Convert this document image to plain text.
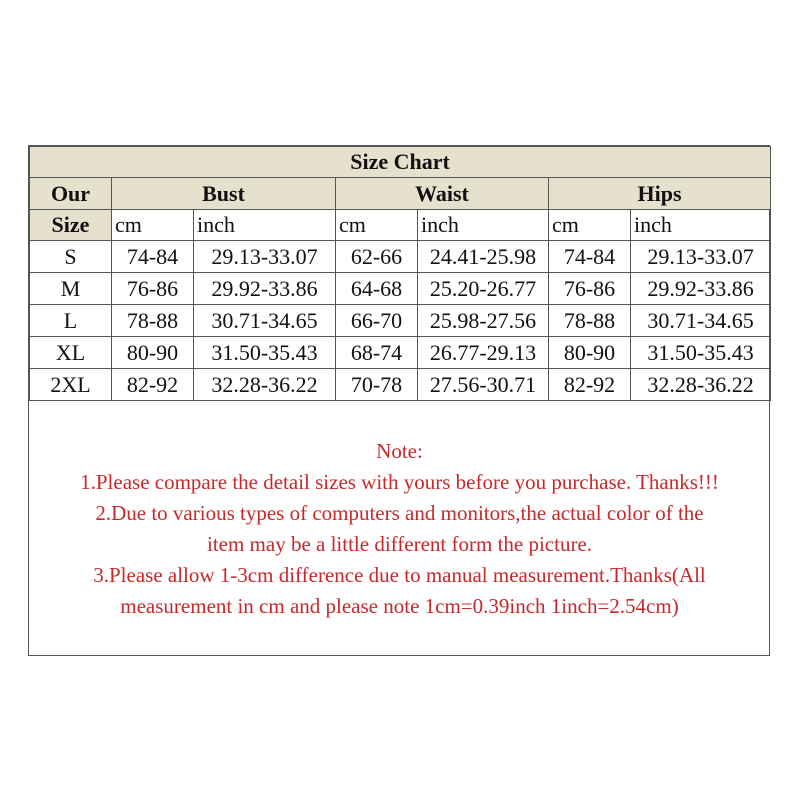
Size Chart						
Our	Bust		Waist		Hips	
Size	cm	inch	cm	inch	cm	inch
S	74-84	29.13-33.07	62-66	24.41-25.98	74-84	29.13-33.07
M	76-86	29.92-33.86	64-68	25.20-26.77	76-86	29.92-33.86
L	78-88	30.71-34.65	66-70	25.98-27.56	78-88	30.71-34.65
XL	80-90	31.50-35.43	68-74	26.77-29.13	80-90	31.50-35.43
2XL	82-92	32.28-36.22	70-78	27.56-30.71	82-92	32.28-36.22
Note:
1.Please compare the detail sizes with yours before you purchase. Thanks!!!
2.Due to various types of computers and monitors,the actual color of the
item may be a little different form the picture.
3.Please allow 1-3cm difference due to manual measurement.Thanks(All
measurement in cm and please note 1cm=0.39inch 1inch=2.54cm)
